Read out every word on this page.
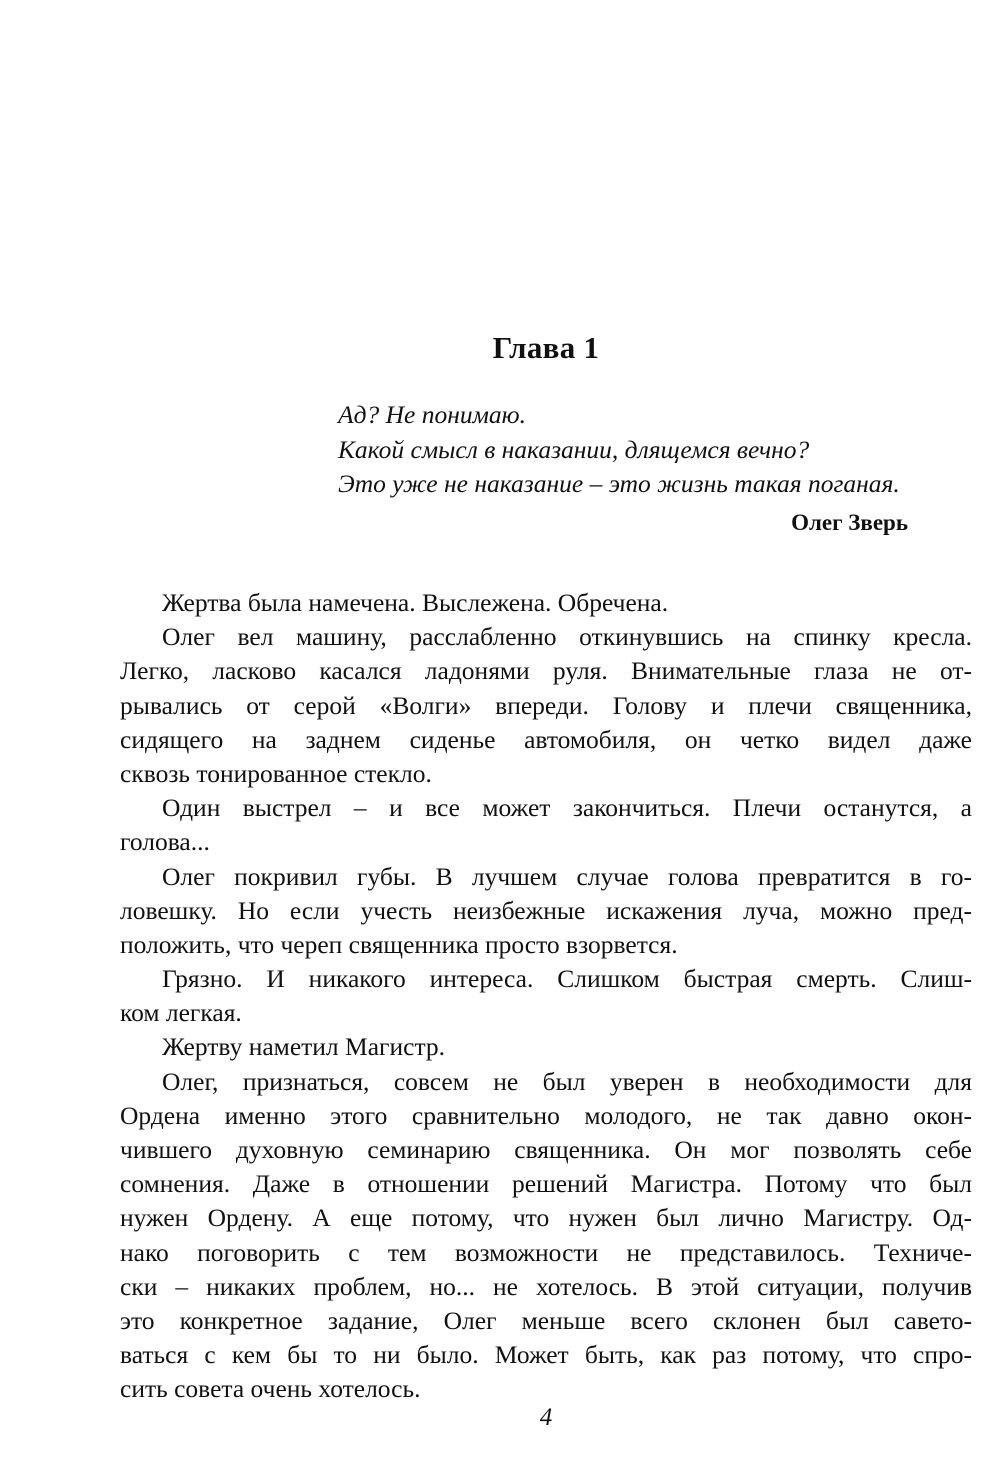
Глава 1
Ад? Не понимаю.
Какой смысл в наказании, длящемся вечно?
Это уже не наказание – это жизнь такая поганая.
Олег Зверь
Жертва была намечена. Выслежена. Обречена.
Олег вел машину, расслабленно откинувшись на спинку кресла.
Легко, ласково касался ладонями руля. Внимательные глаза не от-
рывались от серой «Волги» впереди. Голову и плечи священника,
сидящего на заднем сиденье автомобиля, он четко видел даже
сквозь тонированное стекло.
Один выстрел – и все может закончиться. Плечи останутся, а
голова...
Олег покривил губы. В лучшем случае голова превратится в го-
ловешку. Но если учесть неизбежные искажения луча, можно пред-
положить, что череп священника просто взорвется.
Грязно. И никакого интереса. Слишком быстрая смерть. Слиш-
ком легкая.
Жертву наметил Магистр.
Олег, признаться, совсем не был уверен в необходимости для
Ордена именно этого сравнительно молодого, не так давно окон-
чившего духовную семинарию священника. Он мог позволять себе
сомнения. Даже в отношении решений Магистра. Потому что был
нужен Ордену. А еще потому, что нужен был лично Магистру. Од-
нако поговорить с тем возможности не представилось. Техниче-
ски – никаких проблем, но... не хотелось. В этой ситуации, получив
это конкретное задание, Олег меньше всего склонен был савето-
ваться с кем бы то ни было. Может быть, как раз потому, что спро-
сить совета очень хотелось.
4
